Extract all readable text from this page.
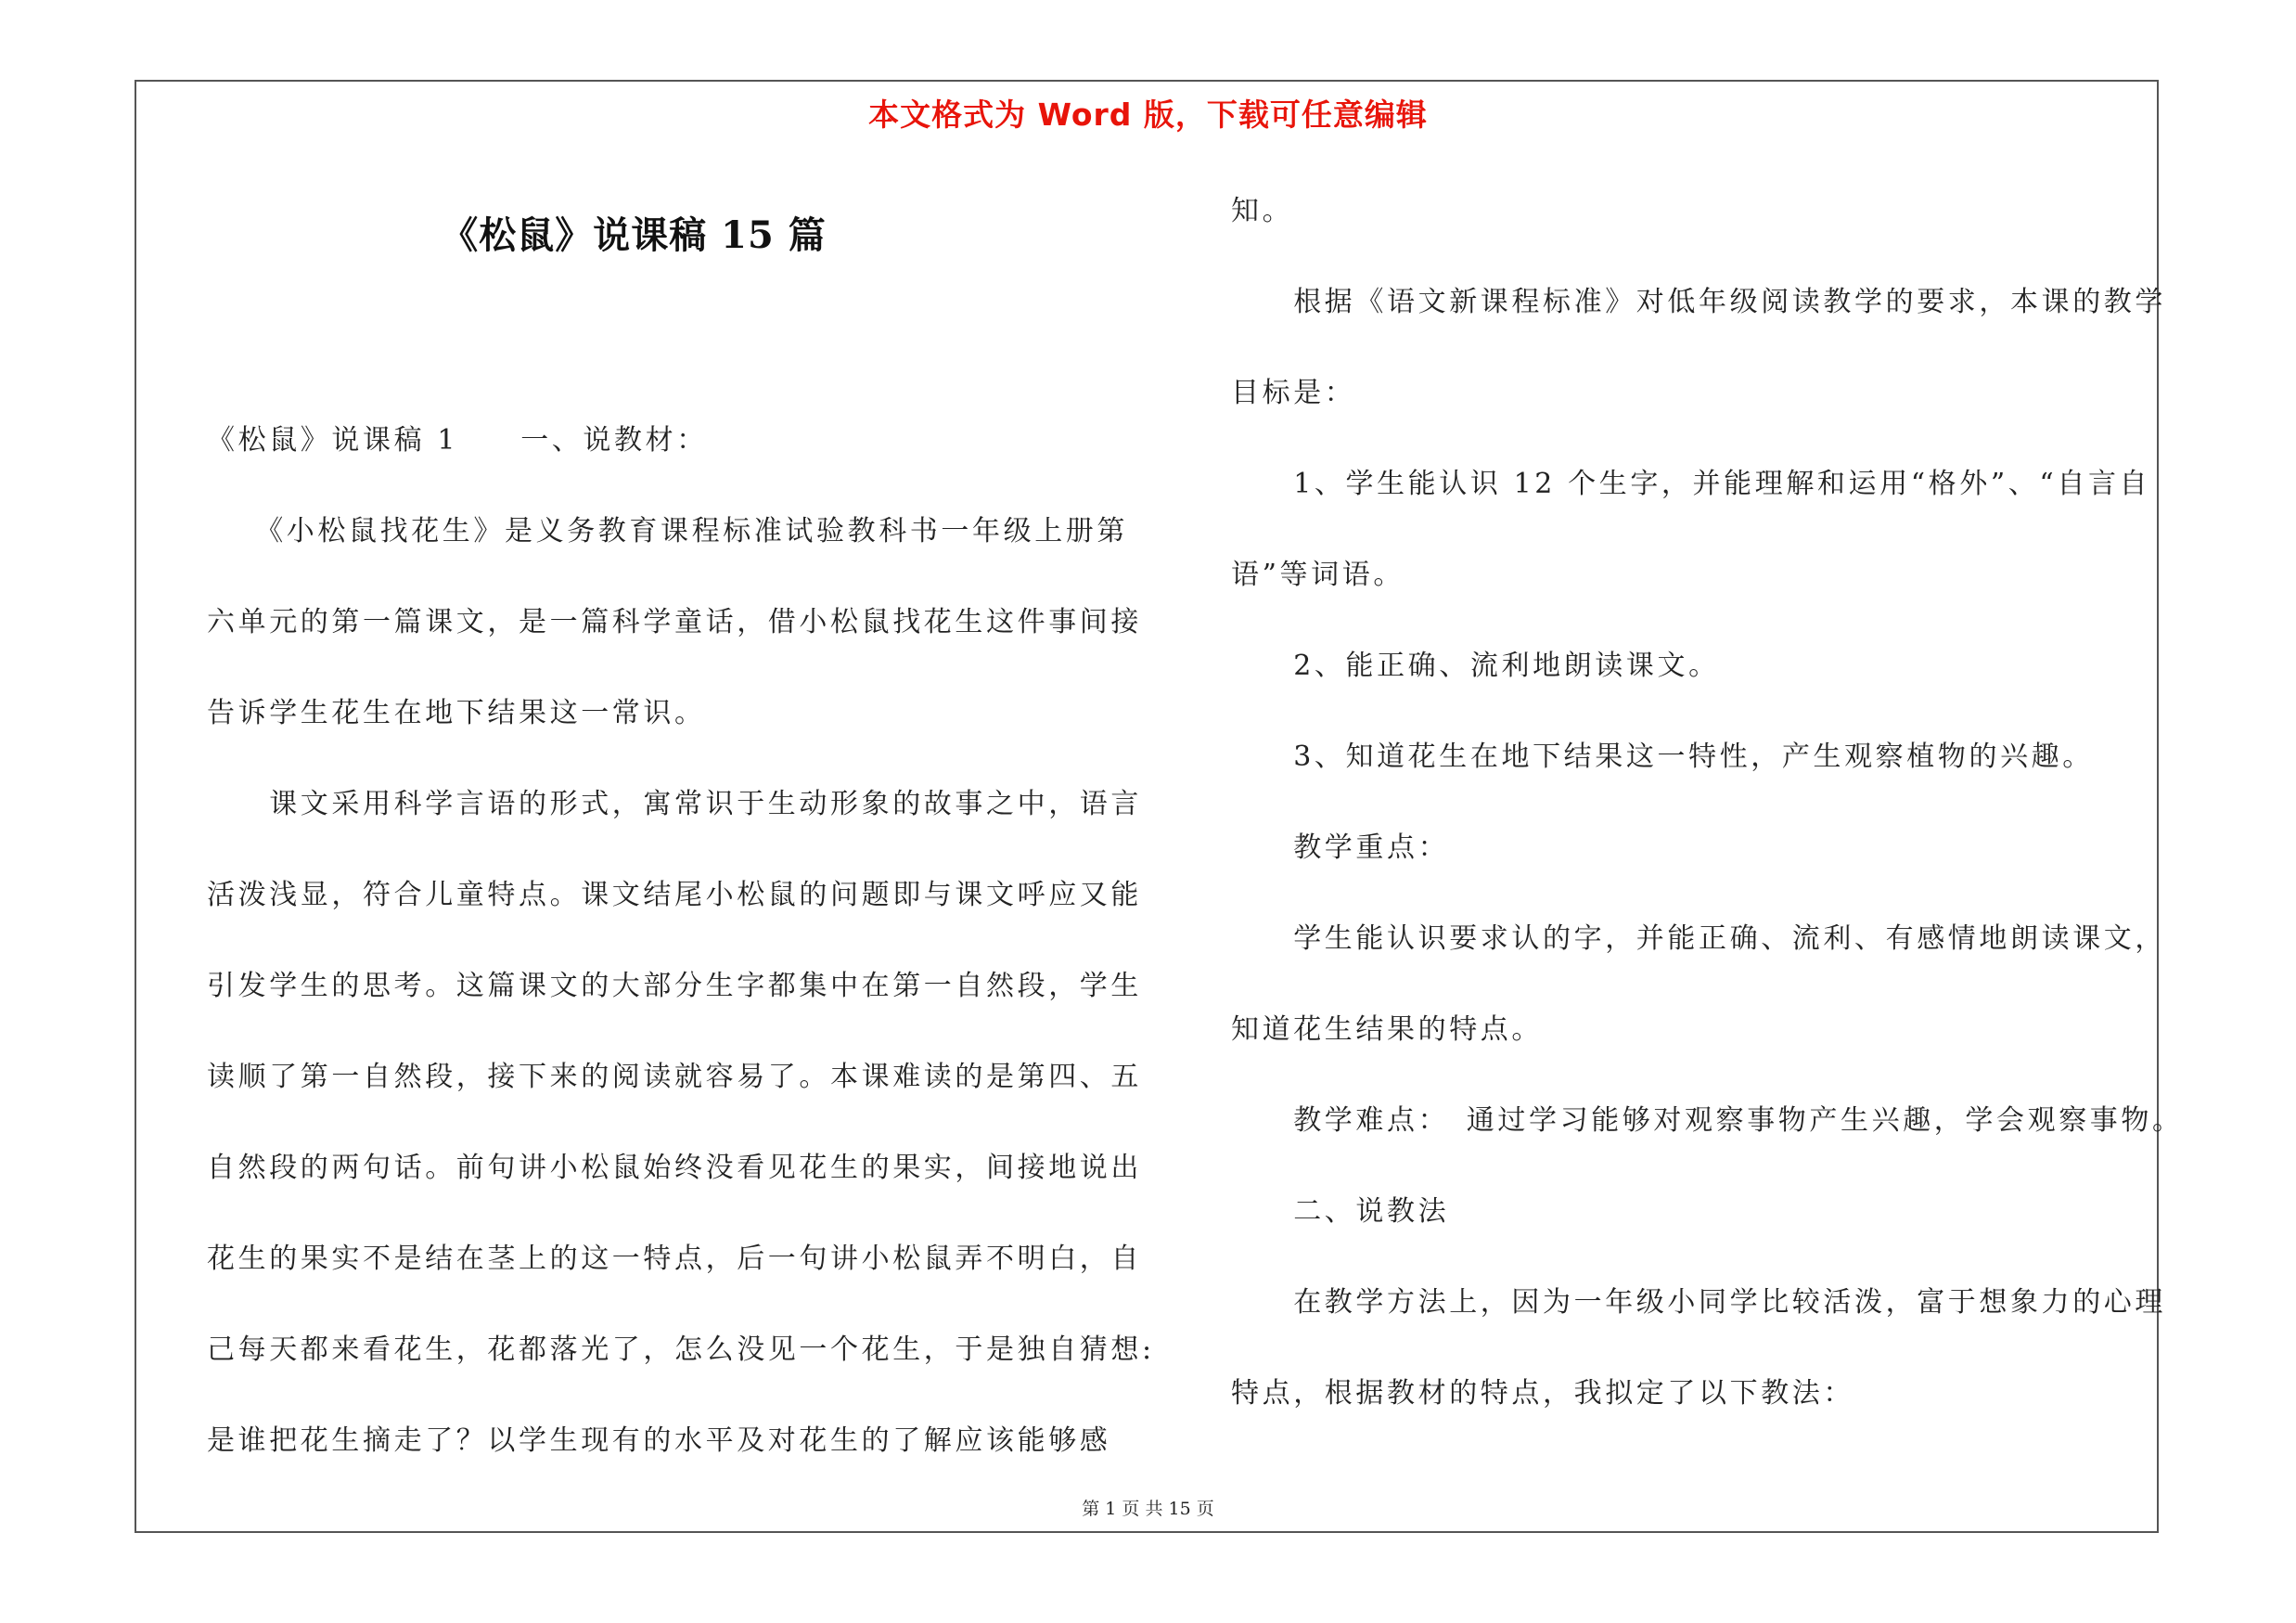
本文格式为 Word 版，下载可任意编辑
《松鼠》说课稿 15 篇
《松鼠》说课稿 1　　一、说教材：
　　《小松鼠找花生》是义务教育课程标准试验教科书一年级上册第
六单元的第一篇课文，是一篇科学童话，借小松鼠找花生这件事间接
告诉学生花生在地下结果这一常识。
　　课文采用科学言语的形式，寓常识于生动形象的故事之中，语言
活泼浅显，符合儿童特点。课文结尾小松鼠的问题即与课文呼应又能
引发学生的思考。这篇课文的大部分生字都集中在第一自然段，学生
读顺了第一自然段，接下来的阅读就容易了。本课难读的是第四、五
自然段的两句话。前句讲小松鼠始终没看见花生的果实，间接地说出
花生的果实不是结在茎上的这一特点，后一句讲小松鼠弄不明白，自
己每天都来看花生，花都落光了，怎么没见一个花生，于是独自猜想:
是谁把花生摘走了？以学生现有的水平及对花生的了解应该能够感
知。
　　根据《语文新课程标准》对低年级阅读教学的要求，本课的教学
目标是：
　　1、学生能认识 12 个生字，并能理解和运用“格外”、“自言自
语”等词语。
　　2、能正确、流利地朗读课文。
　　3、知道花生在地下结果这一特性，产生观察植物的兴趣。
　　教学重点：
　　学生能认识要求认的字，并能正确、流利、有感情地朗读课文，
知道花生结果的特点。
　　教学难点：　通过学习能够对观察事物产生兴趣，学会观察事物。
　　二、说教法
　　在教学方法上，因为一年级小同学比较活泼，富于想象力的心理
特点，根据教材的特点，我拟定了以下教法：
第 1 页 共 15 页
